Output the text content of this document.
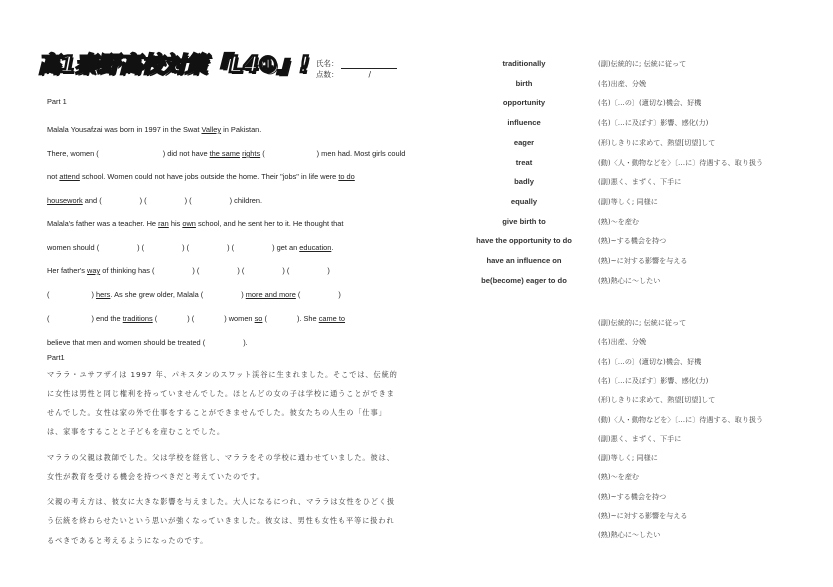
高1秦野高校対策『L4①』! 氏名：
点数：	/
Part 1
Malala Yousafzai was born in 1997 in the Swat Valley in Pakistan.
There, women (	) did not have the same rights (	) men had. Most girls could
not attend school. Women could not have jobs outside the home. Their "jobs" in life were to do
housework and (	) (	) (	) children.
Malala's father was a teacher. He ran his own school, and he sent her to it. He thought that
women should (	) (	) (	) (	) get an education.
Her father's way of thinking has (	) (	) (	) (	)
(	) hers. As she grew older, Malala (	) more and more (	)
(	) end the traditions (	) (	) women so (	). She came to
believe that men and women should be treated (	).
Part1
マララ・ユサフザイは 1997 年、パキスタンのスワット渓谷に生まれました。そこでは、伝統的
に女性は男性と同じ権利を持っていませんでした。ほとんどの女の子は学校に通うことができま
せんでした。女性は家の外で仕事をすることができませんでした。彼女たちの人生の「仕事」
は、家事をすることと子どもを産むことでした。
マララの父親は教師でした。父は学校を経営し、マララをその学校に通わせていました。彼は、
女性が教育を受ける機会を持つべきだと考えていたのです。
父親の考え方は、彼女に大きな影響を与えました。大人になるにつれ、マララは女性をひどく扱
う伝統を終わらせたいという思いが強くなっていきました。彼女は、男性も女性も平等に扱われ
るべきであると考えるようになったのです。
traditionally	(副)伝統的に; 伝統に従って
birth	(名)出産、分娩
opportunity	(名)〔…の〕(適切な)機会、好機
influence	(名)〔…に及ぼす〕影響、感化(力)
eager	(形)しきりに求めて、熱望[切望]して
treat	(動)〈人・動物などを〉〔…に〕待遇する、取り扱う
badly	(副)悪く、まずく、下手に
equally	(副)等しく; 同様に
give birth to	(熟)～を産む
have the opportunity to do	(熟)~する機会を持つ
have an influence on	(熟)~に対する影響を与える
be(become) eager to do	(熟)熱心に～したい
(副)伝統的に; 伝統に従って
(名)出産、分娩
(名)〔…の〕(適切な)機会、好機
(名)〔…に及ぼす〕影響、感化(力)
(形)しきりに求めて、熱望[切望]して
(動)〈人・動物などを〉〔…に〕待遇する、取り扱う
(副)悪く、まずく、下手に
(副)等しく; 同様に
(熟)～を産む
(熟)~する機会を持つ
(熟)~に対する影響を与える
(熟)熱心に～したい
